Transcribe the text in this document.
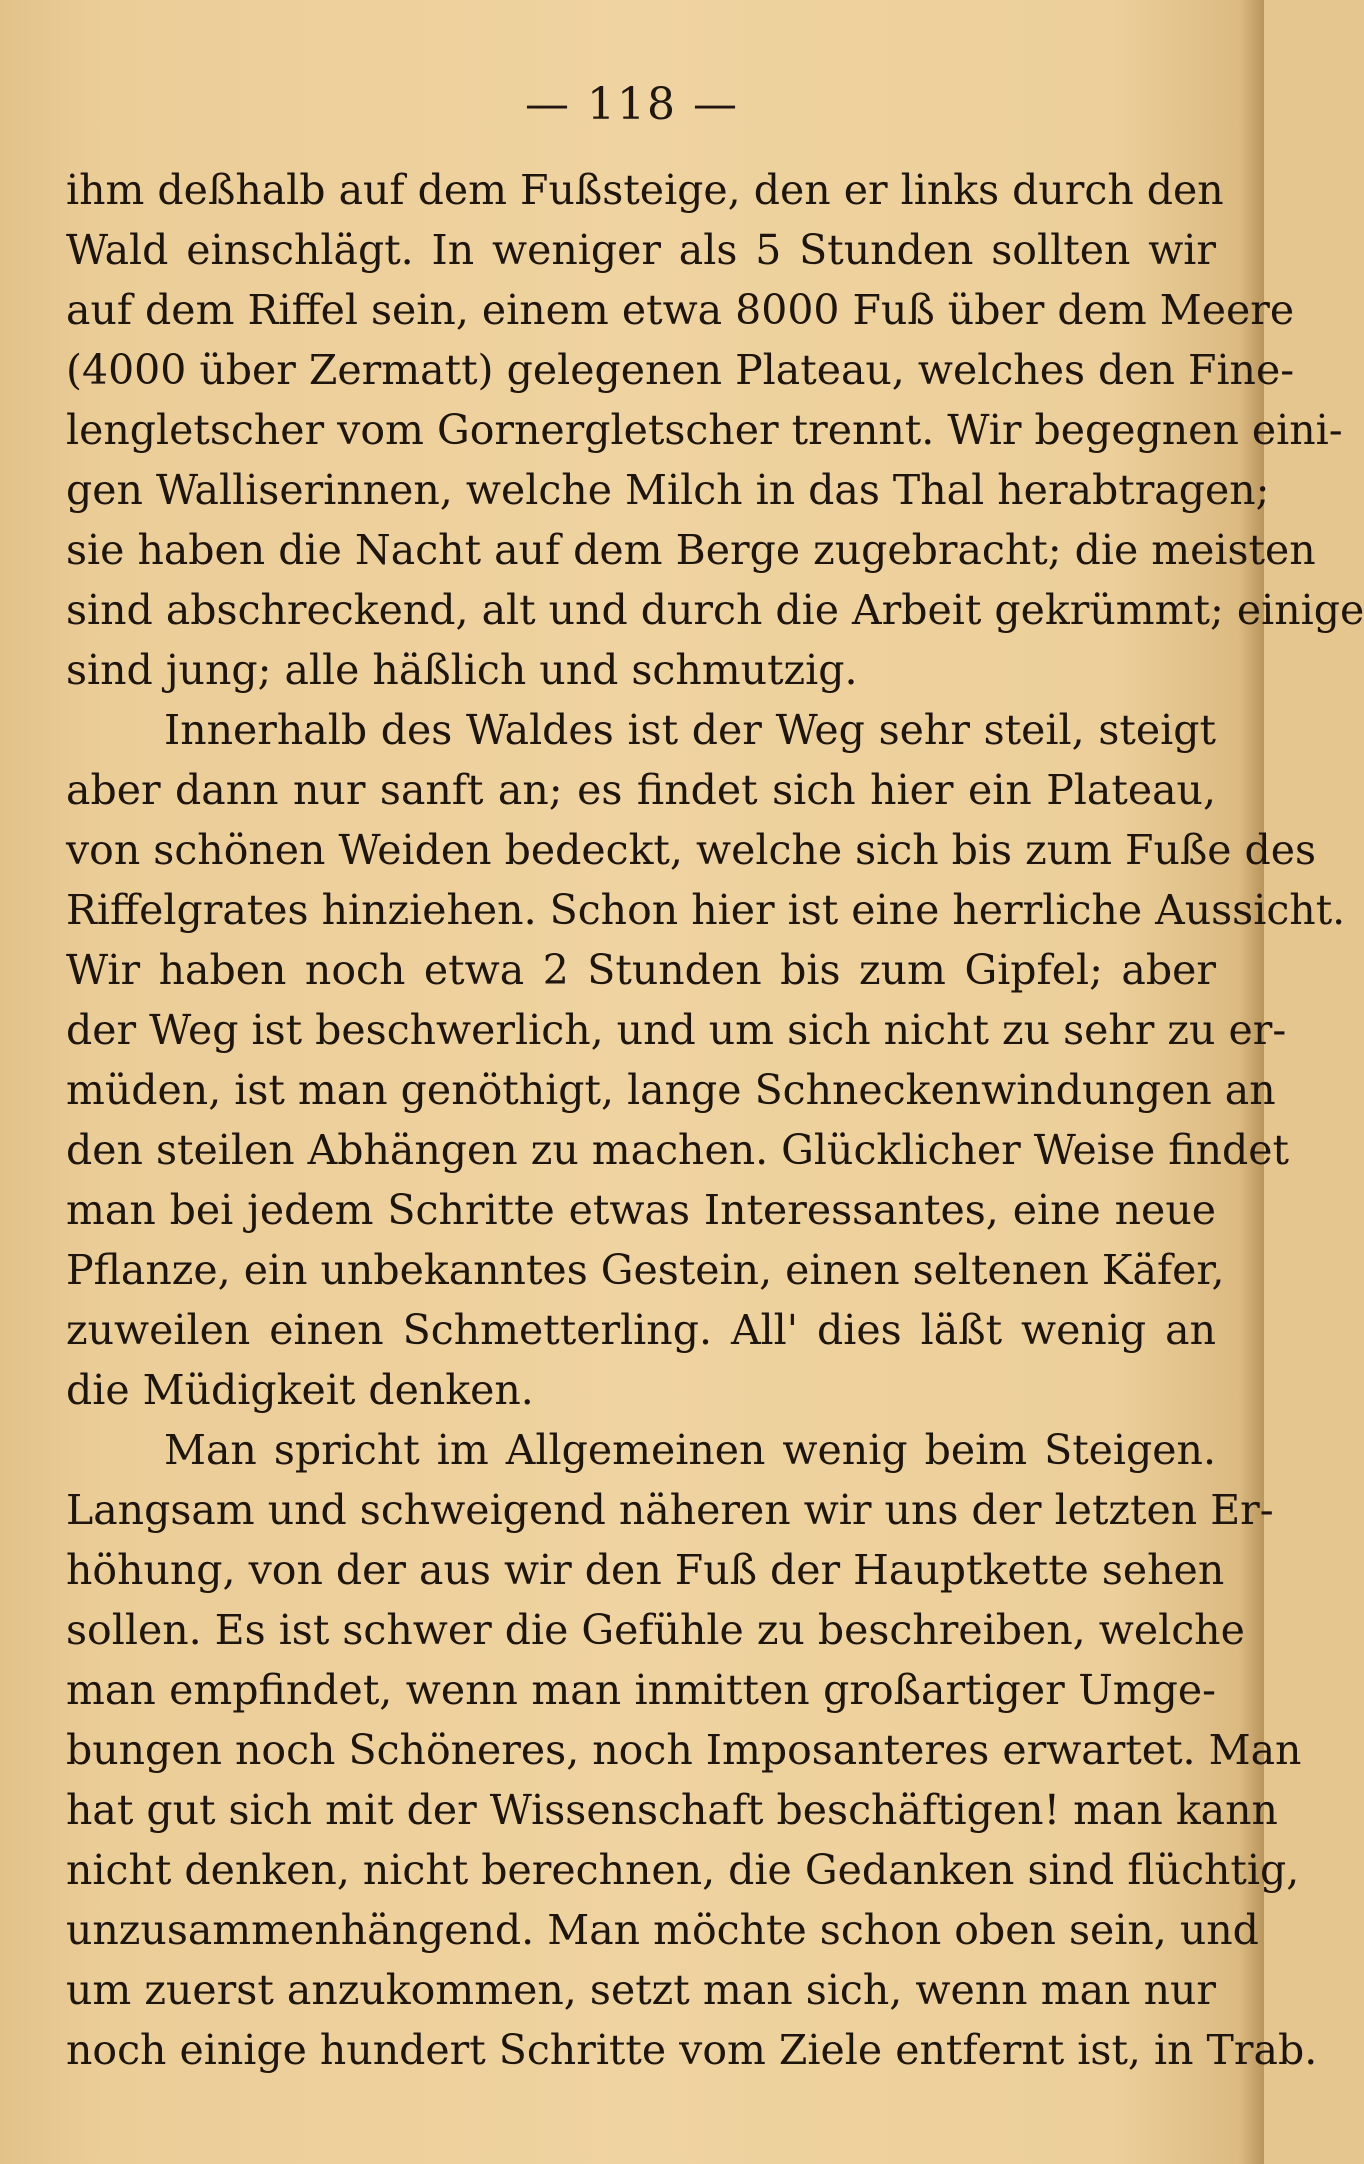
— 118 —
ihm deßhalb auf dem Fußsteige, den er links durch den
Wald einschlägt. In weniger als 5 Stunden sollten wir
auf dem Riffel sein, einem etwa 8000 Fuß über dem Meere
(4000 über Zermatt) gelegenen Plateau, welches den Fine-
lengletscher vom Gornergletscher trennt. Wir begegnen eini-
gen Walliserinnen, welche Milch in das Thal herabtragen;
sie haben die Nacht auf dem Berge zugebracht; die meisten
sind abschreckend, alt und durch die Arbeit gekrümmt; einige
sind jung; alle häßlich und schmutzig.
Innerhalb des Waldes ist der Weg sehr steil, steigt
aber dann nur sanft an; es findet sich hier ein Plateau,
von schönen Weiden bedeckt, welche sich bis zum Fuße des
Riffelgrates hinziehen. Schon hier ist eine herrliche Aussicht.
Wir haben noch etwa 2 Stunden bis zum Gipfel; aber
der Weg ist beschwerlich, und um sich nicht zu sehr zu er-
müden, ist man genöthigt, lange Schneckenwindungen an
den steilen Abhängen zu machen. Glücklicher Weise findet
man bei jedem Schritte etwas Interessantes, eine neue
Pflanze, ein unbekanntes Gestein, einen seltenen Käfer,
zuweilen einen Schmetterling. All' dies läßt wenig an
die Müdigkeit denken.
Man spricht im Allgemeinen wenig beim Steigen.
Langsam und schweigend näheren wir uns der letzten Er-
höhung, von der aus wir den Fuß der Hauptkette sehen
sollen. Es ist schwer die Gefühle zu beschreiben, welche
man empfindet, wenn man inmitten großartiger Umge-
bungen noch Schöneres, noch Imposanteres erwartet. Man
hat gut sich mit der Wissenschaft beschäftigen! man kann
nicht denken, nicht berechnen, die Gedanken sind flüchtig,
unzusammenhängend. Man möchte schon oben sein, und
um zuerst anzukommen, setzt man sich, wenn man nur
noch einige hundert Schritte vom Ziele entfernt ist, in Trab.
